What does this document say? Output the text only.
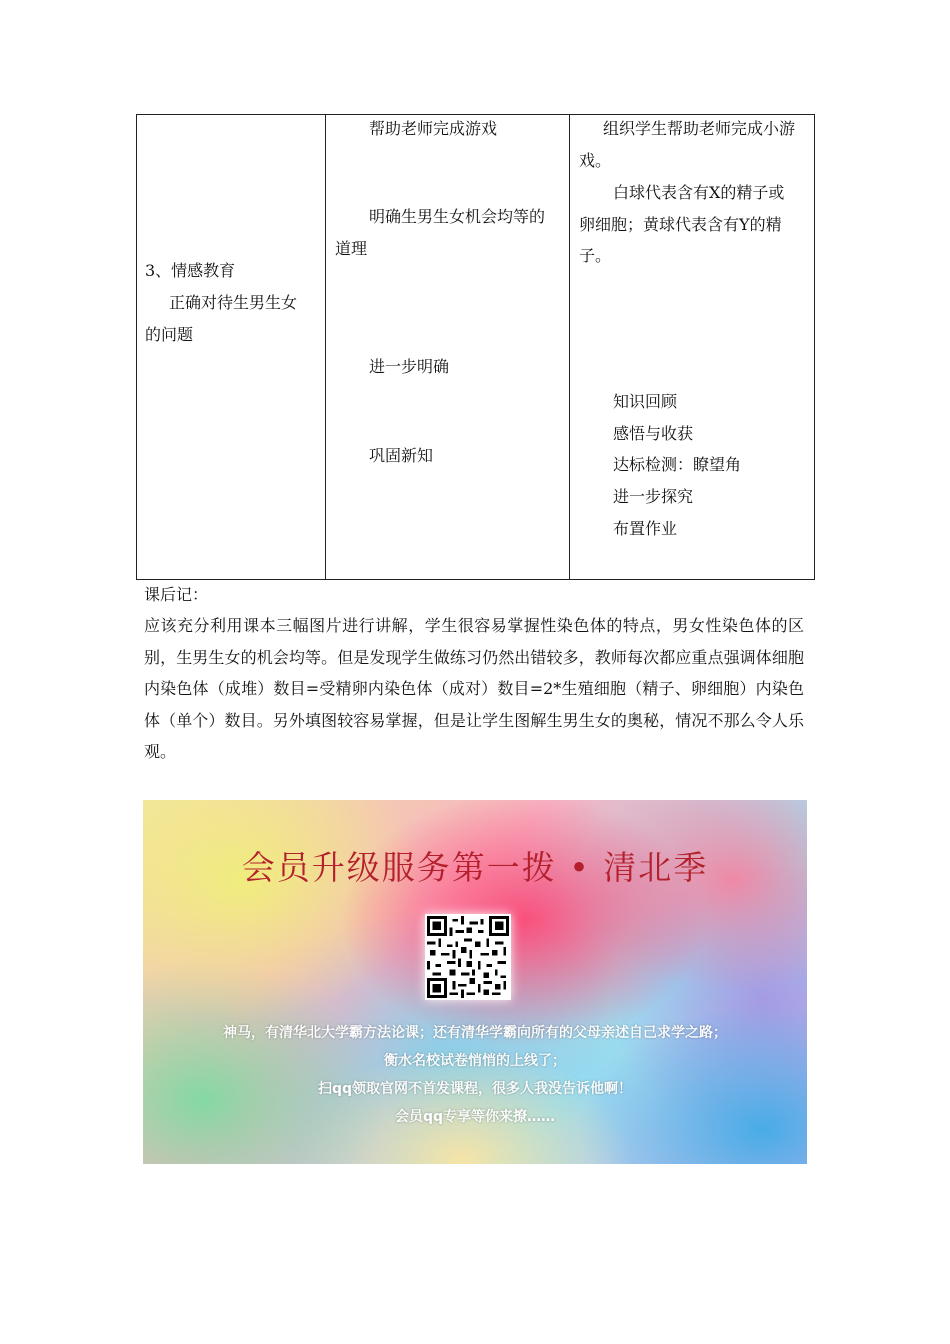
3、情感教育
正确对待生男生女
的问题
帮助老师完成游戏
明确生男生女机会均等的
道理
进一步明确
巩固新知
组织学生帮助老师完成小游
戏。
白球代表含有X的精子或
卵细胞；黄球代表含有Y的精
子。
知识回顾
感悟与收获
达标检测：瞭望角
进一步探究
布置作业
课后记：
应该充分利用课本三幅图片进行讲解，学生很容易掌握性染色体的特点，男女性染色体的区别，生男生女的机会均等。但是发现学生做练习仍然出错较多，教师每次都应重点强调体细胞内染色体（成堆）数目=受精卵内染色体（成对）数目=2*生殖细胞（精子、卵细胞）内染色体（单个）数目。另外填图较容易掌握，但是让学生图解生男生女的奥秘，情况不那么令人乐观。
会员升级服务第一拨 • 清北季
神马，有清华北大学霸方法论课；还有清华学霸向所有的父母亲述自己求学之路；
衡水名校试卷悄悄的上线了；
扫qq领取官网不首发课程，很多人我没告诉他啊！
会员qq专享等你来撩……
